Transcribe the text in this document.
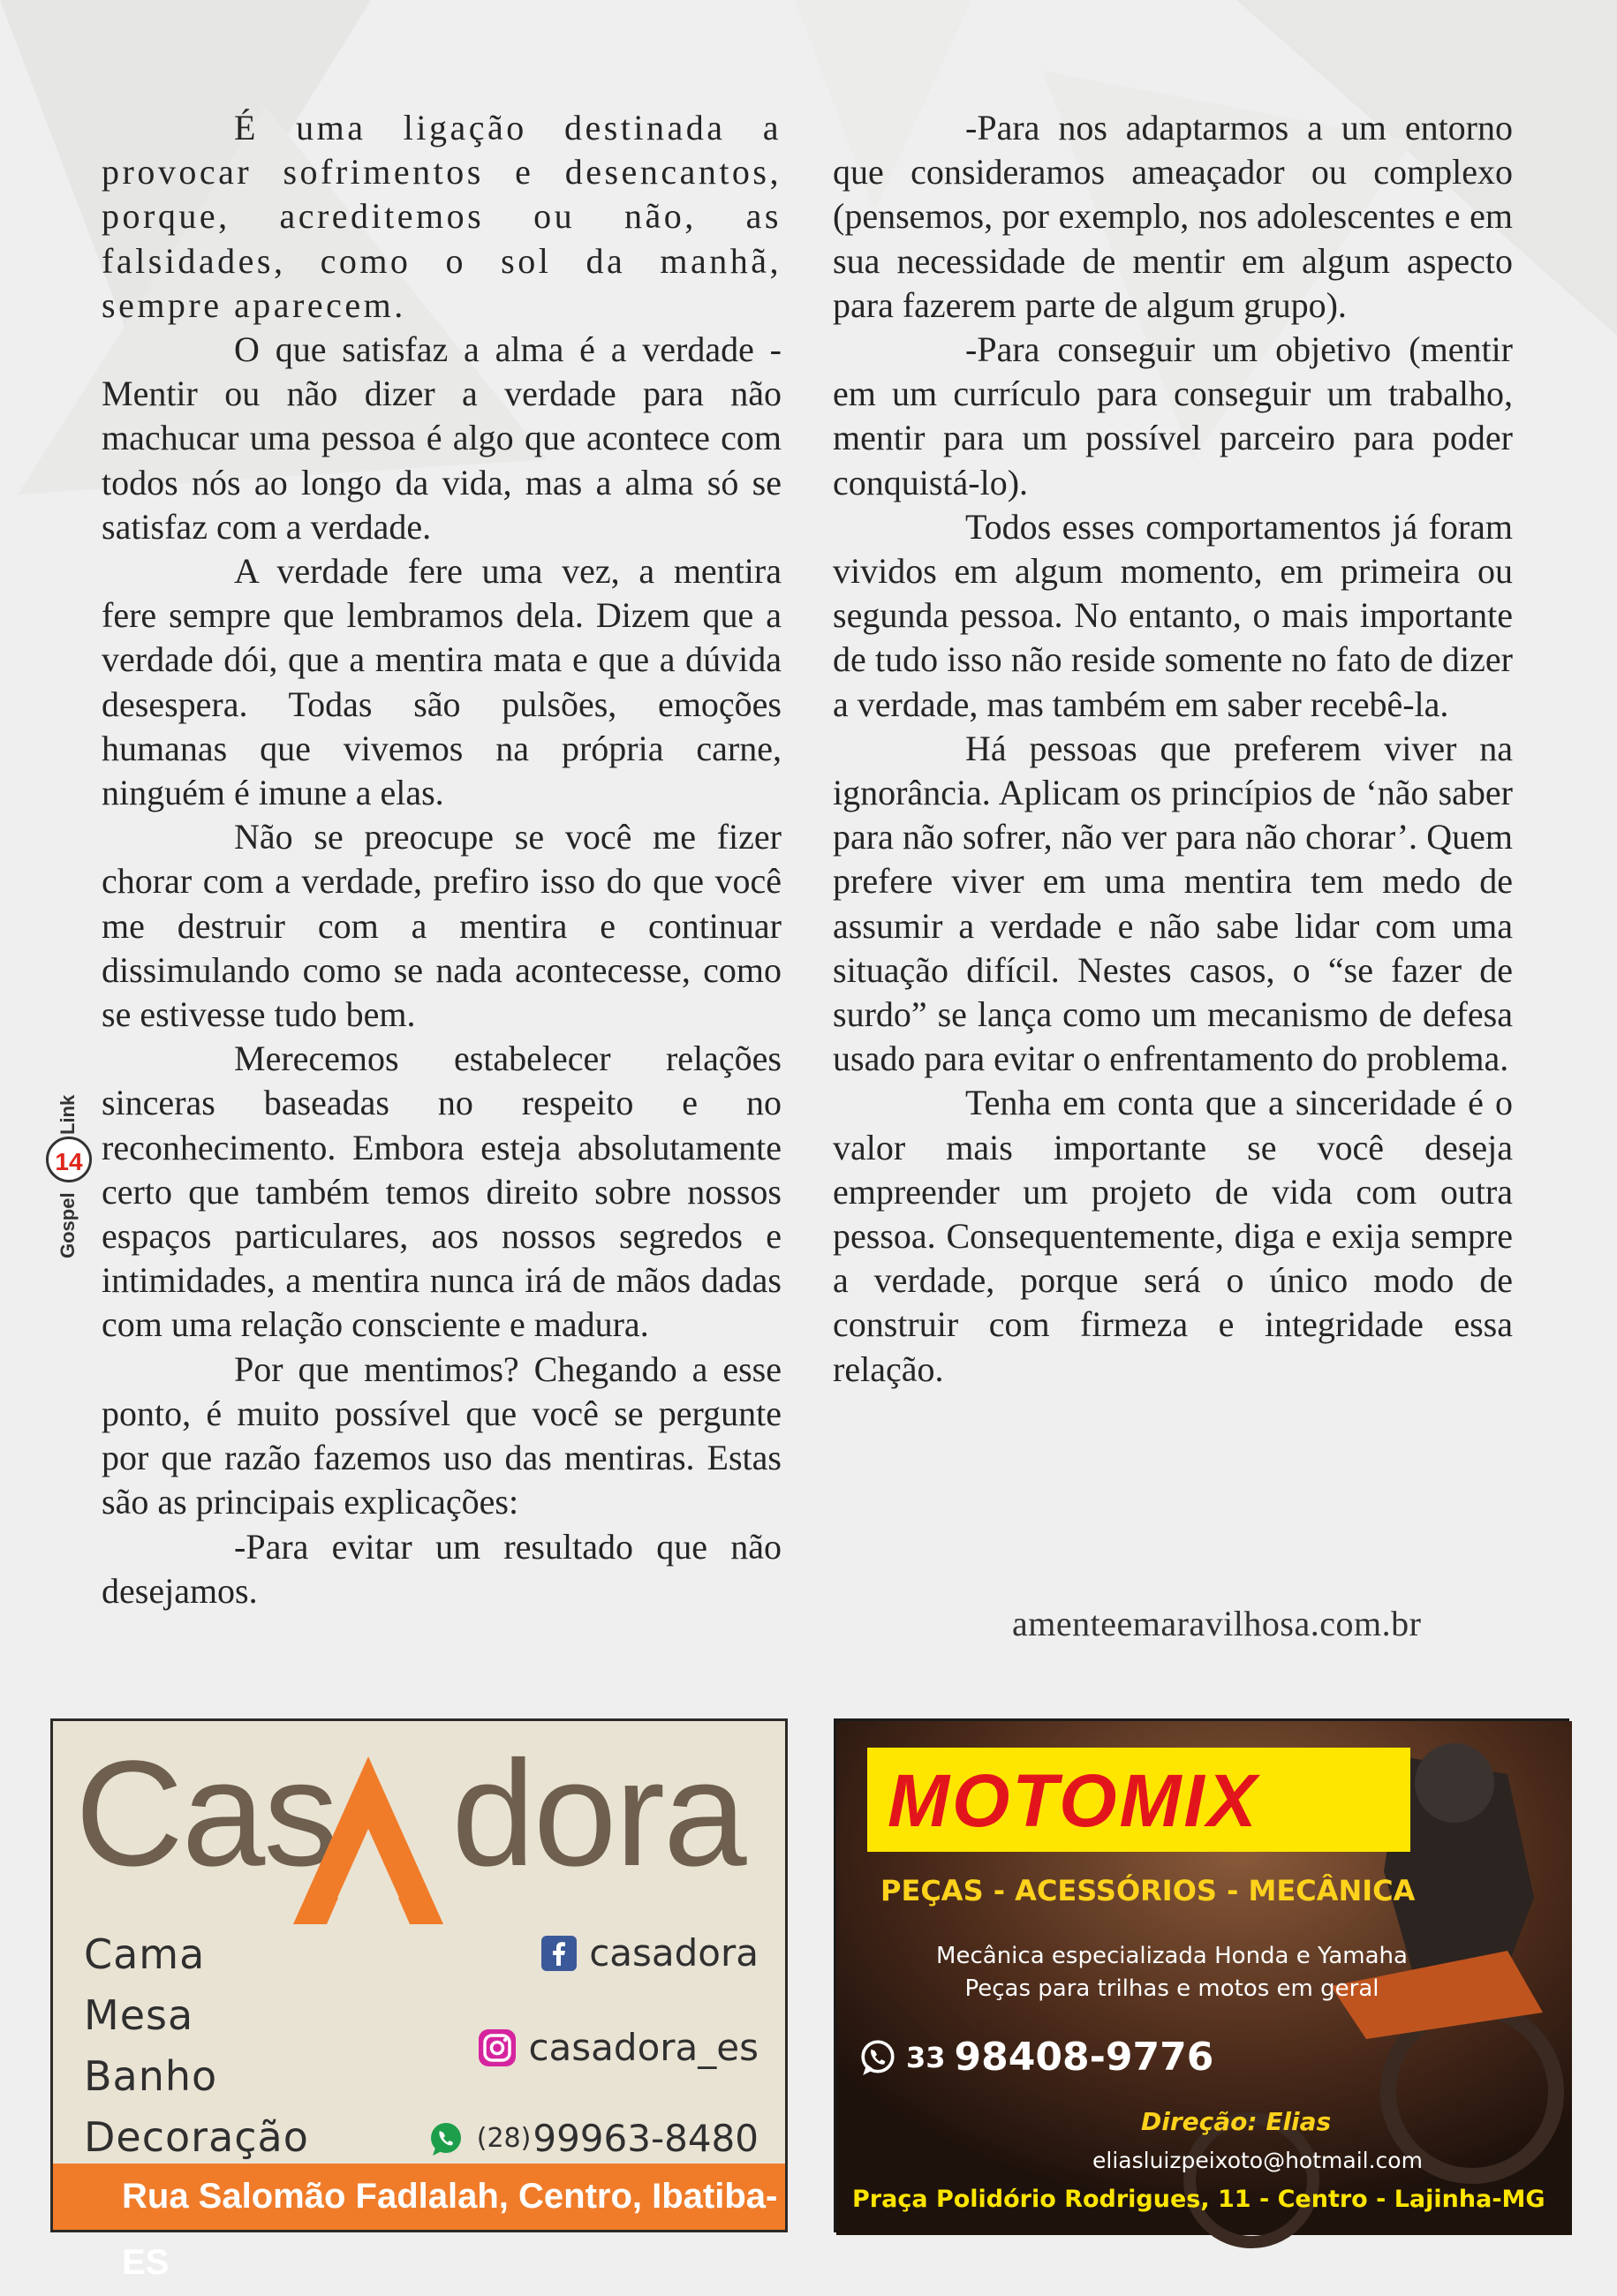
É uma ligação destinada a provocar sofrimentos e desencantos, porque, acreditemos ou não, as falsidades, como o sol da manhã, sempre aparecem.

O que satisfaz a alma é a verdade - Mentir ou não dizer a verdade para não machucar uma pessoa é algo que acontece com todos nós ao longo da vida, mas a alma só se satisfaz com a verdade.

A verdade fere uma vez, a mentira fere sempre que lembramos dela. Dizem que a verdade dói, que a mentira mata e que a dúvida desespera. Todas são pulsões, emoções humanas que vivemos na própria carne, ninguém é imune a elas.

Não se preocupe se você me fizer chorar com a verdade, prefiro isso do que você me destruir com a mentira e continuar dissimulando como se nada acontecesse, como se estivesse tudo bem.

Merecemos estabelecer relações sinceras baseadas no respeito e no reconhecimento. Embora esteja absolutamente certo que também temos direito sobre nossos espaços particulares, aos nossos segredos e intimidades, a mentira nunca irá de mãos dadas com uma relação consciente e madura.

Por que mentimos? Chegando a esse ponto, é muito possível que você se pergunte por que razão fazemos uso das mentiras. Estas são as principais explicações:

-Para evitar um resultado que não desejamos.

-Para nos adaptarmos a um entorno que consideramos ameaçador ou complexo (pensemos, por exemplo, nos adolescentes e em sua necessidade de mentir em algum aspecto para fazerem parte de algum grupo).

-Para conseguir um objetivo (mentir em um currículo para conseguir um trabalho, mentir para um possível parceiro para poder conquistá-lo).

Todos esses comportamentos já foram vividos em algum momento, em primeira ou segunda pessoa. No entanto, o mais importante de tudo isso não reside somente no fato de dizer a verdade, mas também em saber recebê-la.

Há pessoas que preferem viver na ignorância. Aplicam os princípios de ‘não saber para não sofrer, não ver para não chorar’. Quem prefere viver em uma mentira tem medo de assumir a verdade e não sabe lidar com uma situação difícil. Nestes casos, o “se fazer de surdo” se lança como um mecanismo de defesa usado para evitar o enfrentamento do problema.

Tenha em conta que a sinceridade é o valor mais importante se você deseja empreender um projeto de vida com outra pessoa. Consequentemente, diga e exija sempre a verdade, porque será o único modo de construir com firmeza e integridade essa relação.

amenteemaravilhosa.com.br
Link
14
Gospel
Cas dora
Cama
Mesa
Banho
Decoração
casadora
casadora_es
(28) 99963-8480
Rua Salomão Fadlalah, Centro, Ibatiba-ES
MOTOMIX
PEÇAS - ACESSÓRIOS - MECÂNICA
Mecânica especializada Honda e Yamaha
Peças para trilhas e motos em geral
33 98408-9776
Direção: Elias
eliasluizpeixoto@hotmail.com
Praça Polidório Rodrigues, 11 - Centro - Lajinha-MG
